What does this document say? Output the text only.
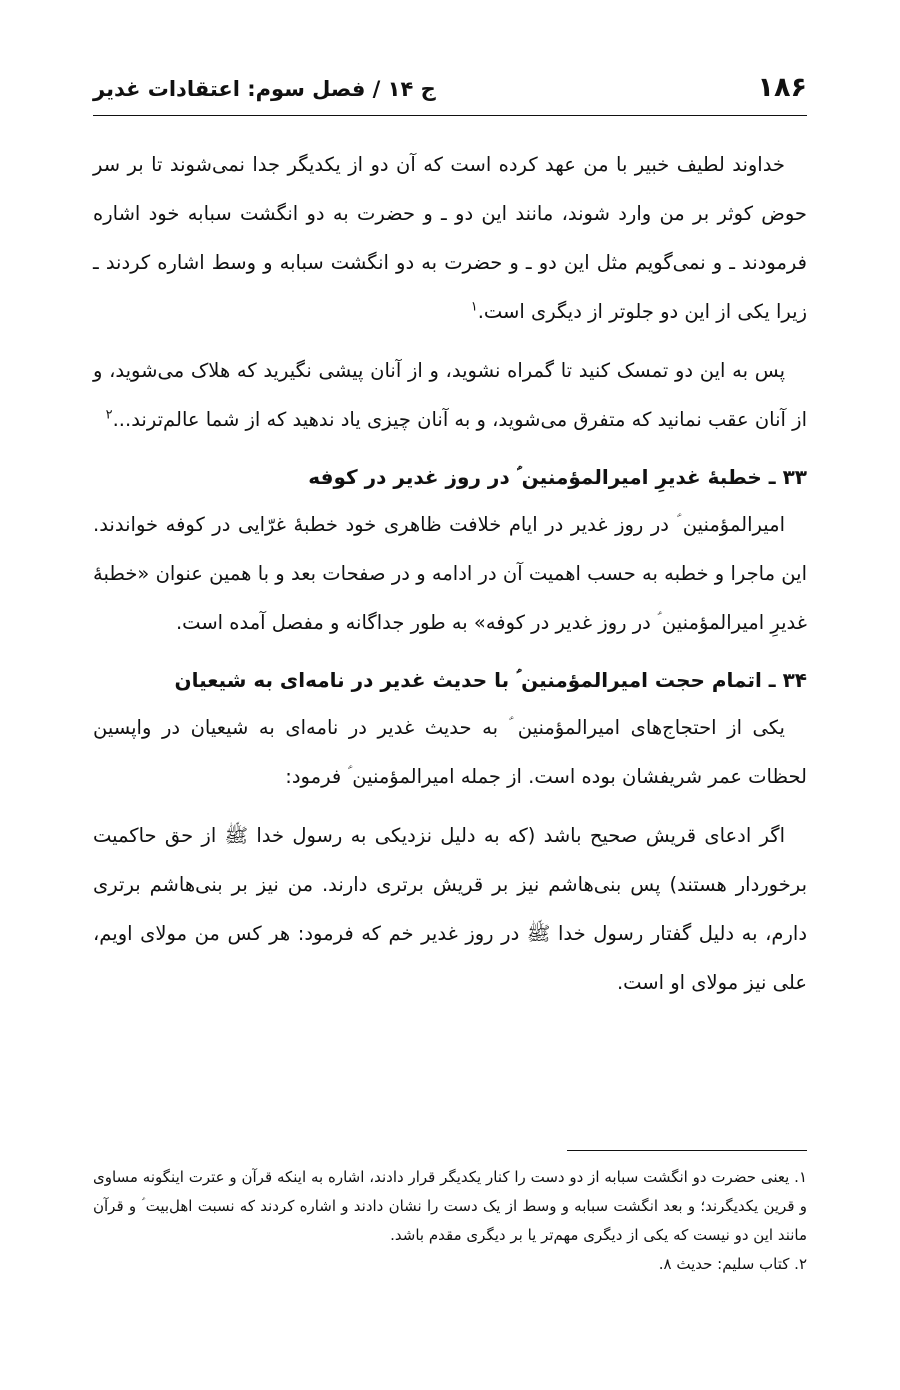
۱۸۶
ج ۱۴ / فصل سوم: اعتقادات غدیر

خداوند لطیف خبیر با من عهد کرده است که آن دو از یکدیگر جدا نمی‌شوند تا بر سر حوض کوثر بر من وارد شوند، مانند این دو ـ و حضرت به دو انگشت سبابه خود اشاره فرمودند ـ و نمی‌گویم مثل این دو ـ و حضرت به دو انگشت سبابه و وسط اشاره کردند ـ زیرا یکی از این دو جلوتر از دیگری است.$^۱$

پس به این دو تمسک کنید تا گمراه نشوید، و از آنان پیشی نگیرید که هلاک می‌شوید، و از آنان عقب نمانید که متفرق می‌شوید، و به آنان چیزی یاد ندهید که از شما عالم‌ترند...$^۲$

۳۳ ـ خطبهٔ غدیرِ امیرالمؤمنین ؑ در روز غدیر در کوفه

امیرالمؤمنین ؑ در روز غدیر در ایام خلافت ظاهری خود خطبهٔ غرّایی در کوفه خواندند. این ماجرا و خطبه به حسب اهمیت آن در ادامه و در صفحات بعد و با همین عنوان «خطبهٔ غدیرِ امیرالمؤمنین ؑ در روز غدیر در کوفه» به طور جداگانه و مفصل آمده است.

۳۴ ـ اتمام حجت امیرالمؤمنین ؑ با حدیث غدیر در نامه‌ای به شیعیان

یکی از احتجاج‌های امیرالمؤمنین ؑ به حدیث غدیر در نامه‌ای به شیعیان در واپسین لحظات عمر شریفشان بوده است. از جمله امیرالمؤمنین ؑ فرمود:

اگر ادعای قریش صحیح باشد (که به دلیل نزدیکی به رسول خدا ﷺ از حق حاکمیت برخوردار هستند) پس بنی‌هاشم نیز بر قریش برتری دارند. من نیز بر بنی‌هاشم برتری دارم، به دلیل گفتار رسول خدا ﷺ در روز غدیر خم که فرمود: هر کس من مولای اویم، علی نیز مولای او است.

۱. یعنی حضرت دو انگشت سبابه از دو دست را کنار یکدیگر قرار دادند، اشاره به اینکه قرآن و عترت اینگونه مساوی و قرین یکدیگرند؛ و بعد انگشت سبابه و وسط از یک دست را نشان دادند و اشاره کردند که نسبت اهل‌بیت ؑ و قرآن مانند این دو نیست که یکی از دیگری مهم‌تر یا بر دیگری مقدم باشد.

۲. کتاب سلیم: حدیث ۸.
